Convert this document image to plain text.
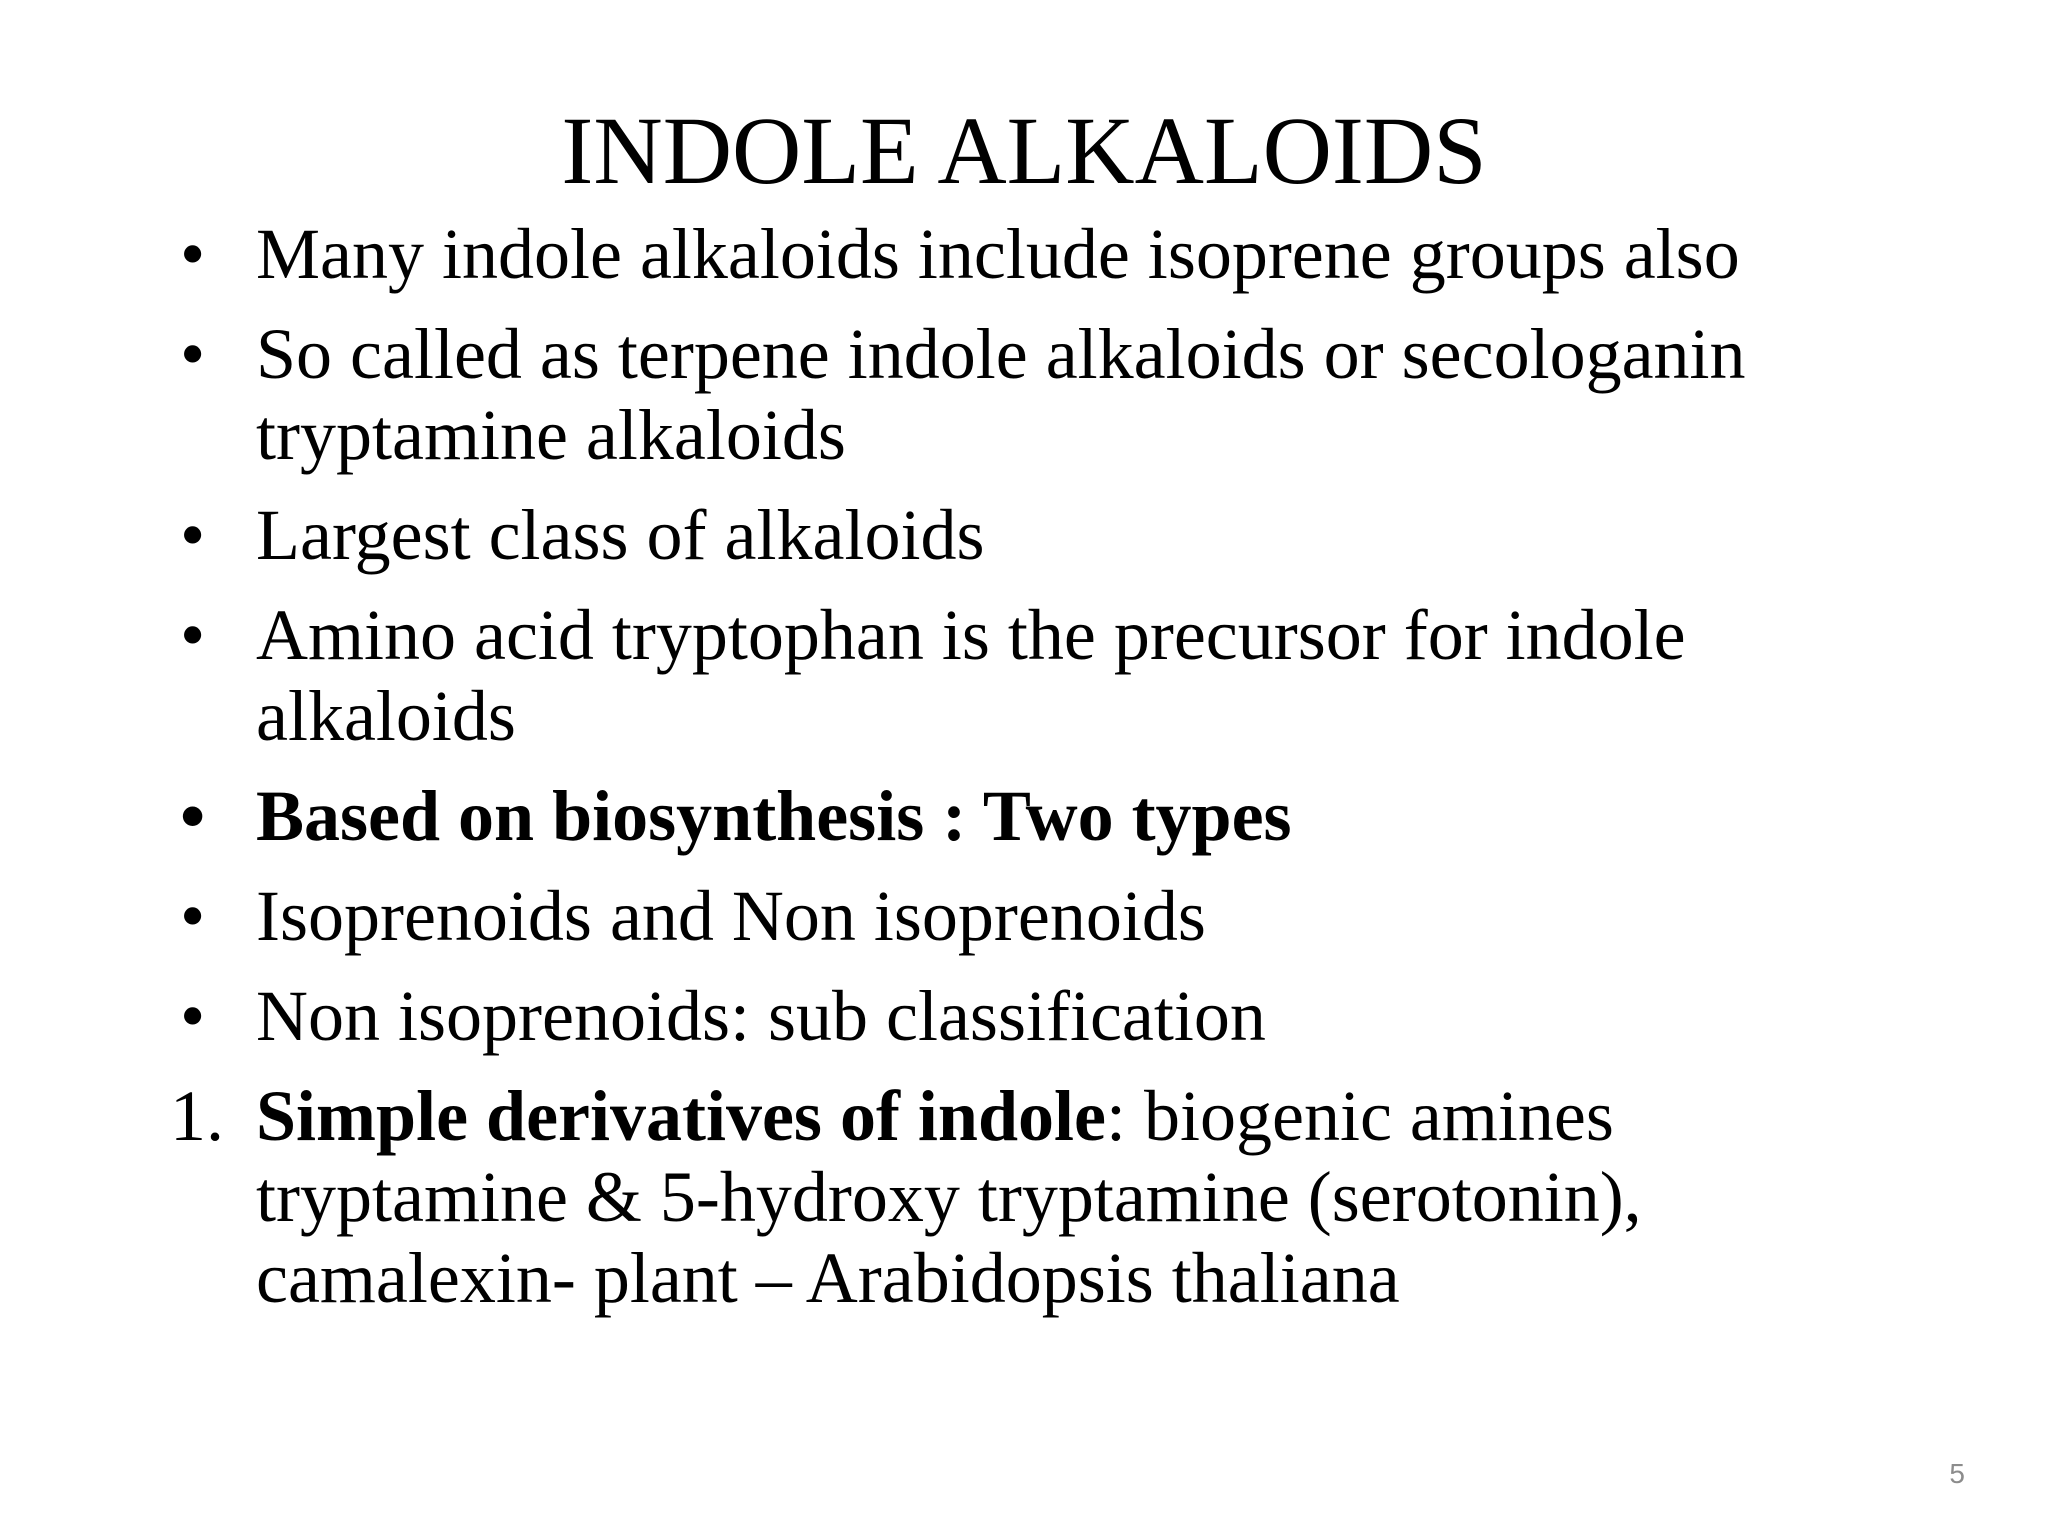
INDOLE ALKALOIDS
• Many indole alkaloids include isoprene groups also
• So called as terpene indole alkaloids or secologanin tryptamine alkaloids
• Largest class of alkaloids
• Amino acid tryptophan is the precursor for indole alkaloids
• Based on biosynthesis : Two types
• Isoprenoids and Non isoprenoids
• Non isoprenoids: sub classification
1. Simple derivatives of indole: biogenic amines tryptamine & 5-hydroxy tryptamine (serotonin), camalexin- plant – Arabidopsis thaliana
5
